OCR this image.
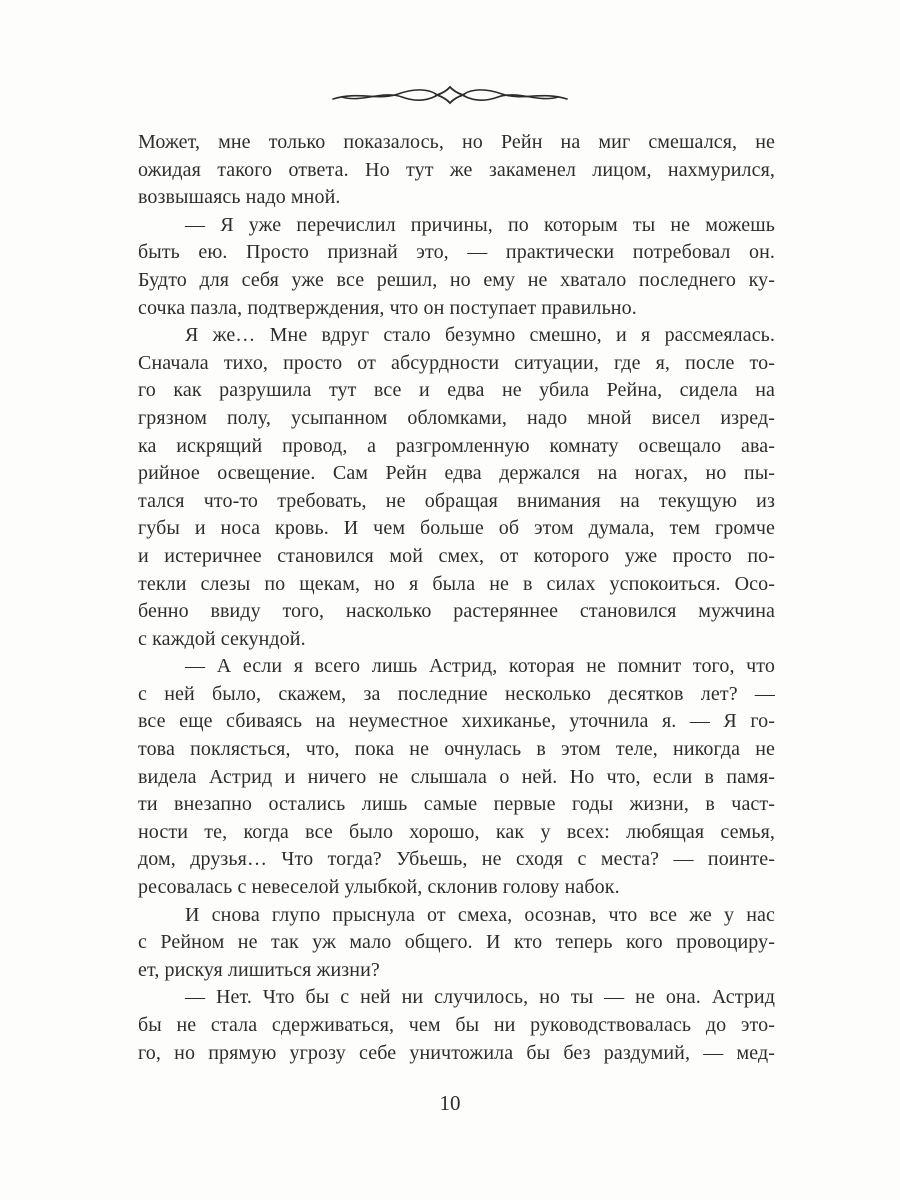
Может, мне только показалось, но Рейн на миг смешался, не
ожидая такого ответа. Но тут же закаменел лицом, нахмурился,
возвышаясь надо мной.
— Я уже перечислил причины, по которым ты не можешь
быть ею. Просто признай это, — практически потребовал он.
Будто для себя уже все решил, но ему не хватало последнего ку-
сочка пазла, подтверждения, что он поступает правильно.
Я же… Мне вдруг стало безумно смешно, и я рассмеялась.
Сначала тихо, просто от абсурдности ситуации, где я, после то-
го как разрушила тут все и едва не убила Рейна, сидела на
грязном полу, усыпанном обломками, надо мной висел изред-
ка искрящий провод, а разгромленную комнату освещало ава-
рийное освещение. Сам Рейн едва держался на ногах, но пы-
тался что-то требовать, не обращая внимания на текущую из
губы и носа кровь. И чем больше об этом думала, тем громче
и истеричнее становился мой смех, от которого уже просто по-
текли слезы по щекам, но я была не в силах успокоиться. Осо-
бенно ввиду того, насколько растеряннее становился мужчина
с каждой секундой.
— А если я всего лишь Астрид, которая не помнит того, что
с ней было, скажем, за последние несколько десятков лет? —
все еще сбиваясь на неуместное хихиканье, уточнила я. — Я го-
това поклясться, что, пока не очнулась в этом теле, никогда не
видела Астрид и ничего не слышала о ней. Но что, если в памя-
ти внезапно остались лишь самые первые годы жизни, в част-
ности те, когда все было хорошо, как у всех: любящая семья,
дом, друзья… Что тогда? Убьешь, не сходя с места? — поинте-
ресовалась с невеселой улыбкой, склонив голову набок.
И снова глупо прыснула от смеха, осознав, что все же у нас
с Рейном не так уж мало общего. И кто теперь кого провоциру-
ет, рискуя лишиться жизни?
— Нет. Что бы с ней ни случилось, но ты — не она. Астрид
бы не стала сдерживаться, чем бы ни руководствовалась до это-
го, но прямую угрозу себе уничтожила бы без раздумий, — мед-
10
